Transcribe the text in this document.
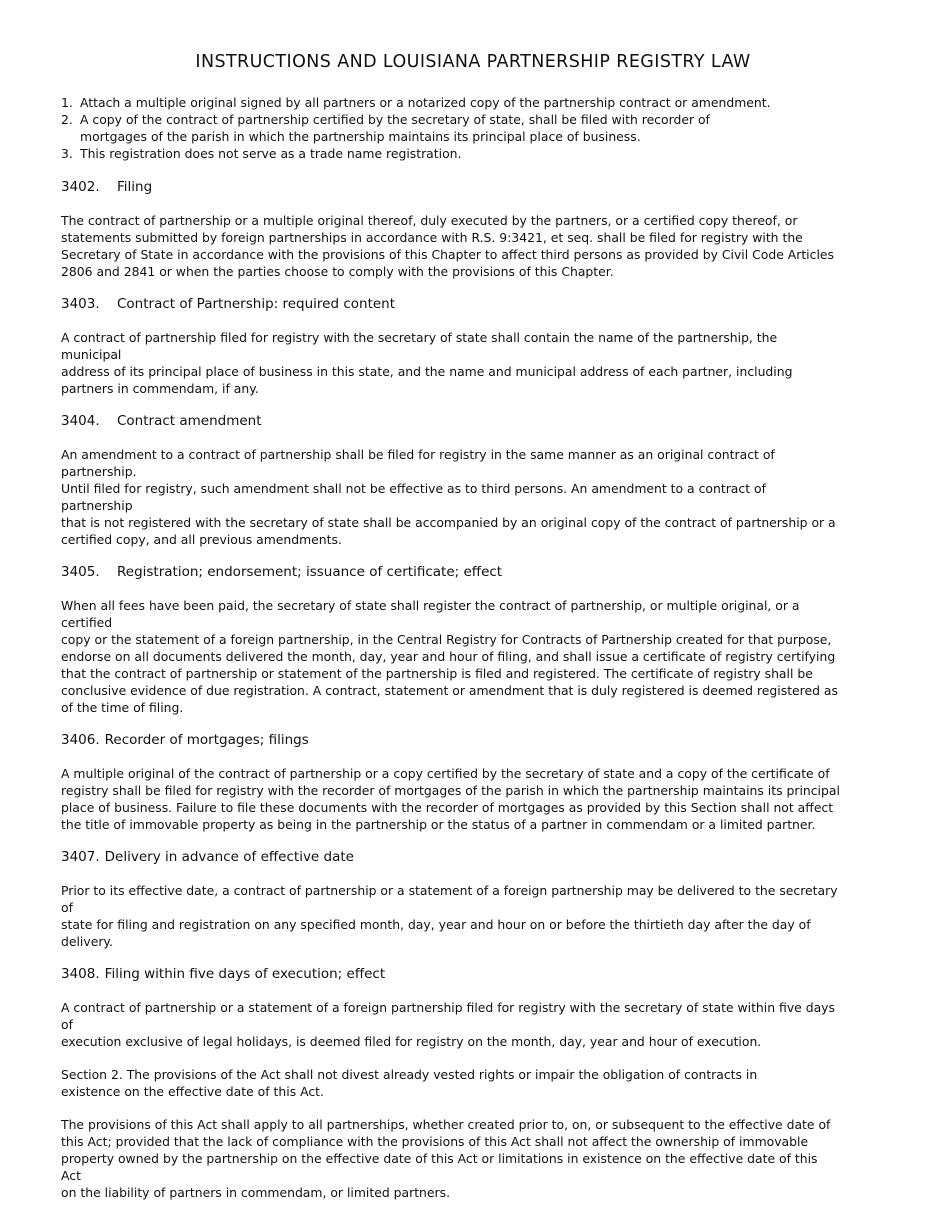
INSTRUCTIONS AND LOUISIANA PARTNERSHIP REGISTRY LAW
1. Attach a multiple original signed by all partners or a notarized copy of the partnership contract or amendment.
2. A copy of the contract of partnership certified by the secretary of state, shall be filed with recorder of
mortgages of the parish in which the partnership maintains its principal place of business.
3. This registration does not serve as a trade name registration.
3402.	Filing
The contract of partnership or a multiple original thereof, duly executed by the partners, or a certified copy thereof, or
statements submitted by foreign partnerships in accordance with R.S. 9:3421, et seq. shall be filed for registry with the
Secretary of State in accordance with the provisions of this Chapter to affect third persons as provided by Civil Code Articles
2806 and 2841 or when the parties choose to comply with the provisions of this Chapter.
3403.	Contract of Partnership: required content
A contract of partnership filed for registry with the secretary of state shall contain the name of the partnership, the municipal
address of its principal place of business in this state, and the name and municipal address of each partner, including
partners in commendam, if any.
3404.	Contract amendment
An amendment to a contract of partnership shall be filed for registry in the same manner as an original contract of partnership.
Until filed for registry, such amendment shall not be effective as to third persons. An amendment to a contract of partnership
that is not registered with the secretary of state shall be accompanied by an original copy of the contract of partnership or a
certified copy, and all previous amendments.
3405.	Registration; endorsement; issuance of certificate; effect
When all fees have been paid, the secretary of state shall register the contract of partnership, or multiple original, or a certified
copy or the statement of a foreign partnership, in the Central Registry for Contracts of Partnership created for that purpose,
endorse on all documents delivered the month, day, year and hour of filing, and shall issue a certificate of registry certifying
that the contract of partnership or statement of the partnership is filed and registered. The certificate of registry shall be
conclusive evidence of due registration. A contract, statement or amendment that is duly registered is deemed registered as
of the time of filing.
3406. Recorder of mortgages; filings
A multiple original of the contract of partnership or a copy certified by the secretary of state and a copy of the certificate of
registry shall be filed for registry with the recorder of mortgages of the parish in which the partnership maintains its principal
place of business. Failure to file these documents with the recorder of mortgages as provided by this Section shall not affect
the title of immovable property as being in the partnership or the status of a partner in commendam or a limited partner.
3407. Delivery in advance of effective date
Prior to its effective date, a contract of partnership or a statement of a foreign partnership may be delivered to the secretary of
state for filing and registration on any specified month, day, year and hour on or before the thirtieth day after the day of
delivery.
3408. Filing within five days of execution; effect
A contract of partnership or a statement of a foreign partnership filed for registry with the secretary of state within five days of
execution exclusive of legal holidays, is deemed filed for registry on the month, day, year and hour of execution.
Section 2. The provisions of the Act shall not divest already vested rights or impair the obligation of contracts in
existence on the effective date of this Act.
The provisions of this Act shall apply to all partnerships, whether created prior to, on, or subsequent to the effective date of
this Act; provided that the lack of compliance with the provisions of this Act shall not affect the ownership of immovable
property owned by the partnership on the effective date of this Act or limitations in existence on the effective date of this Act
on the liability of partners in commendam, or limited partners.
